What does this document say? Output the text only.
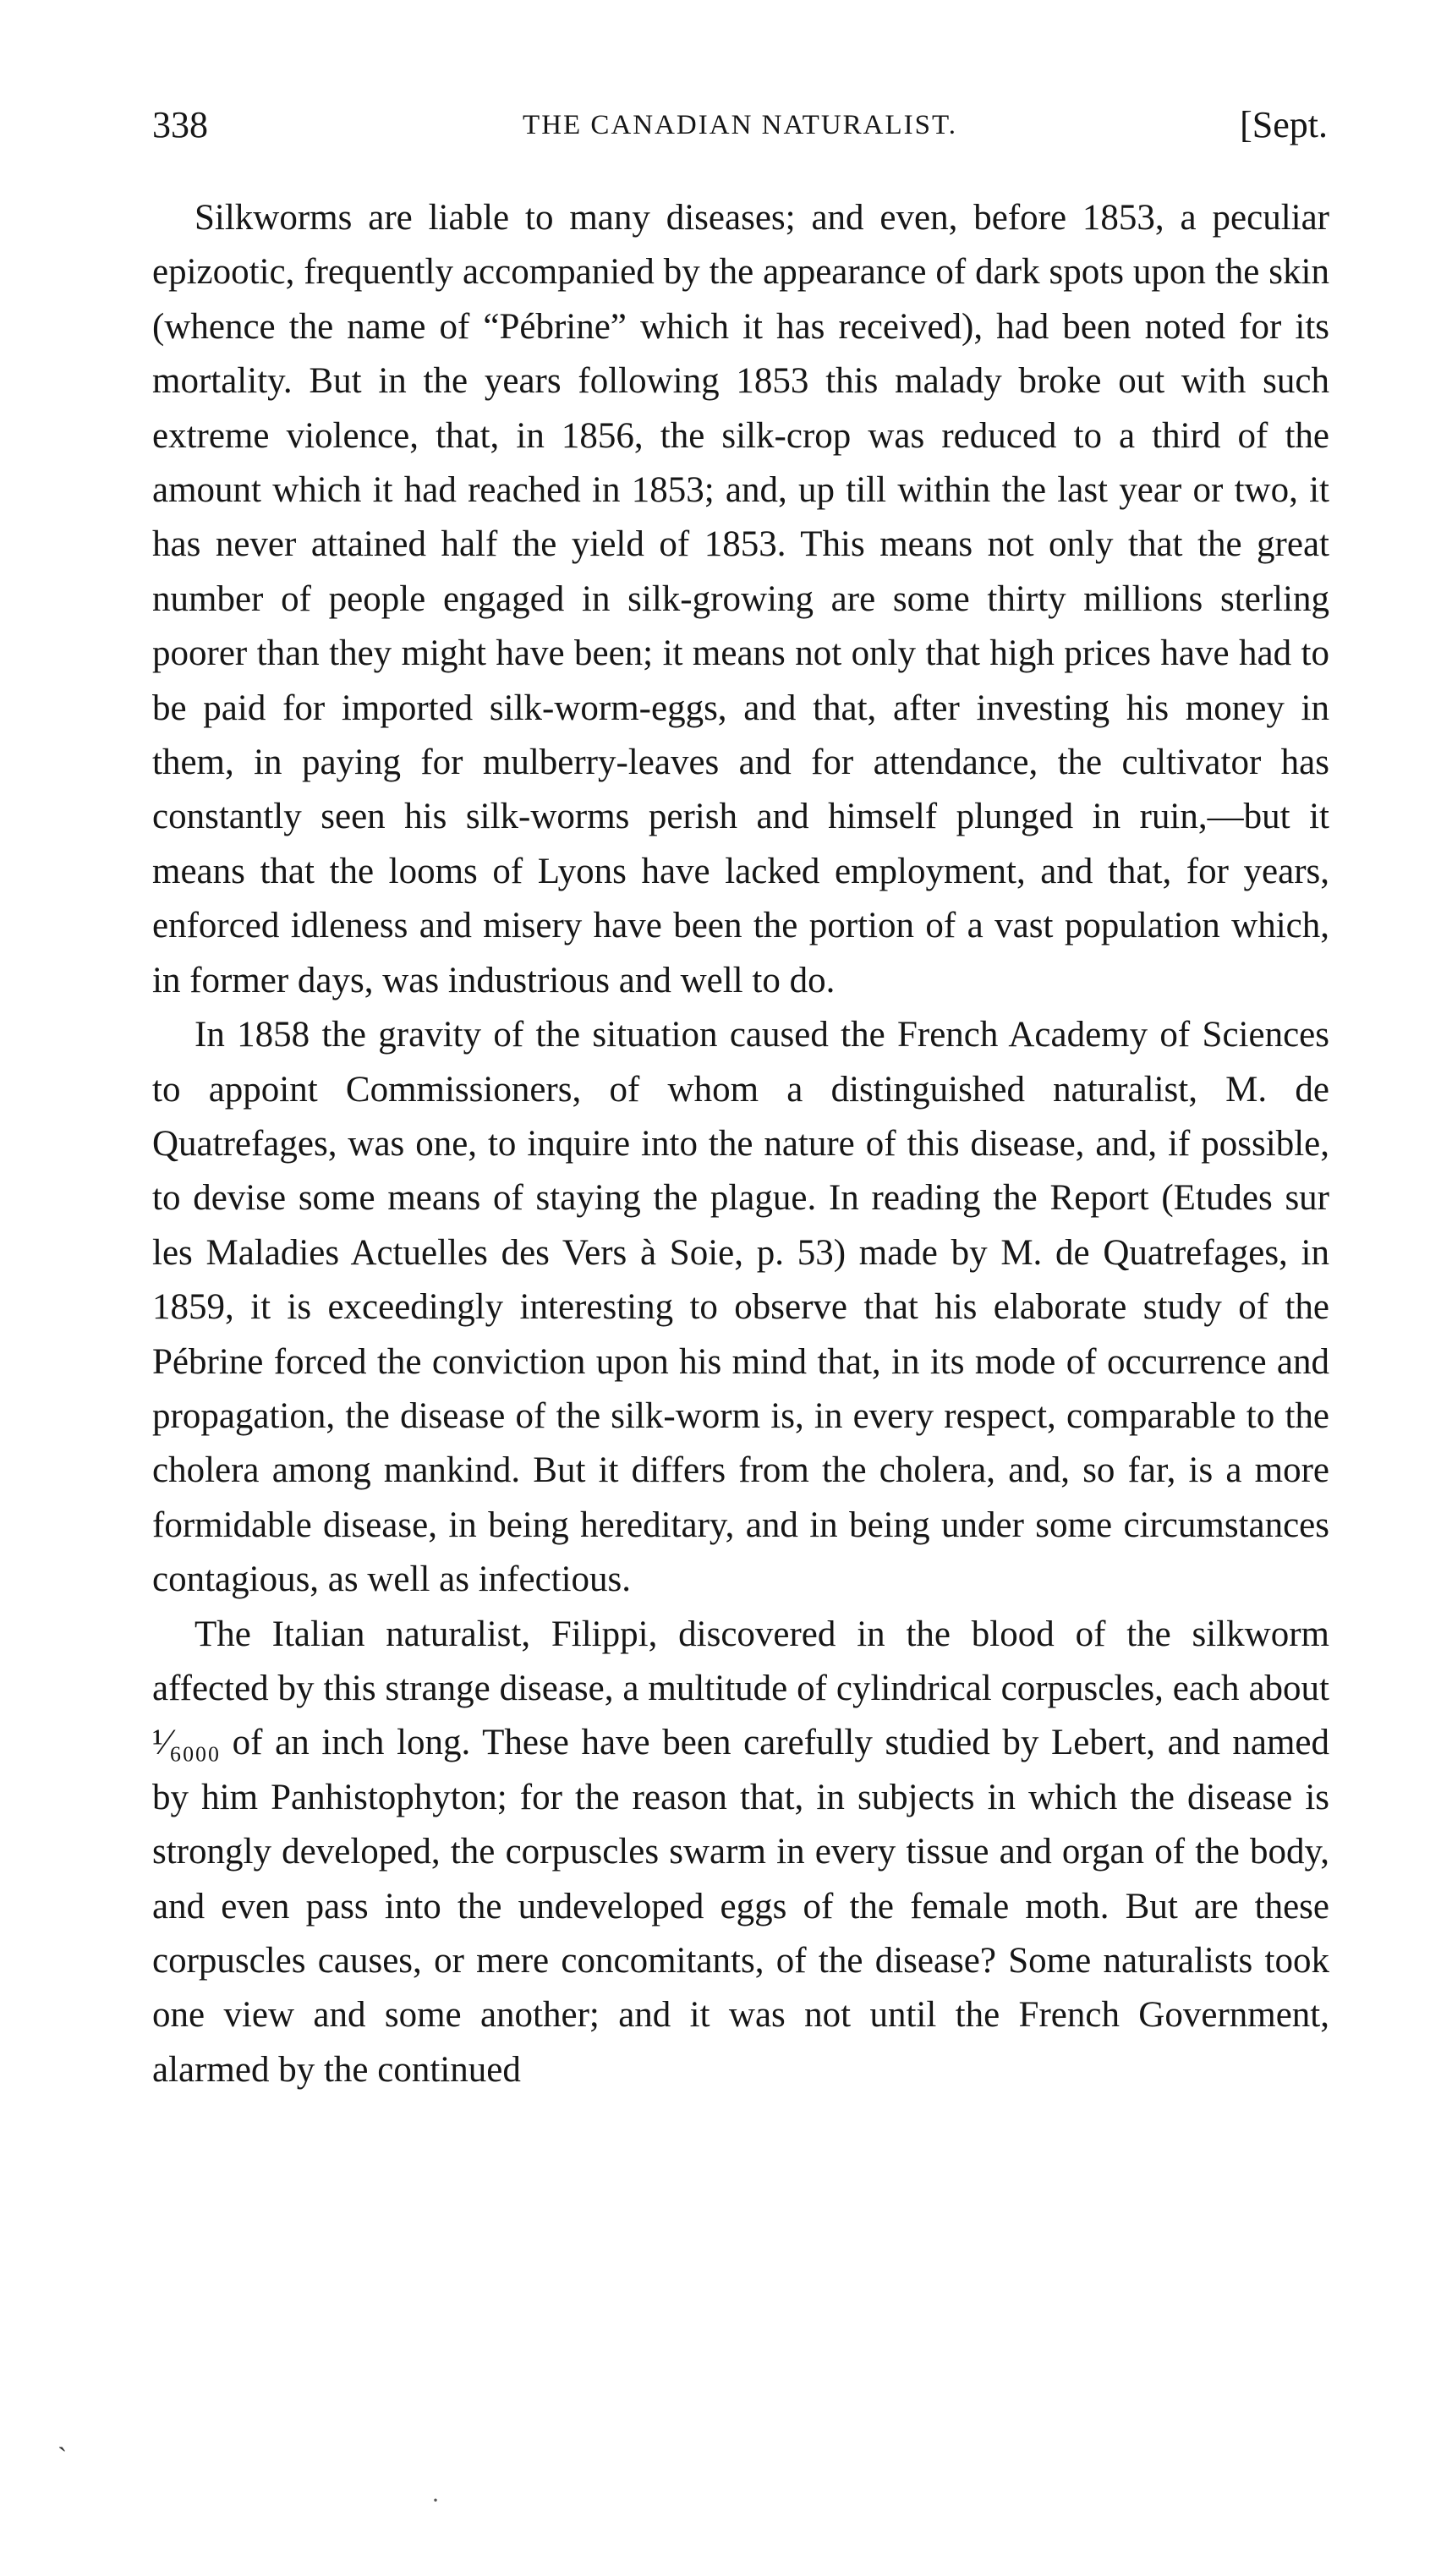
338	THE CANADIAN NATURALIST.	[Sept.

Silkworms are liable to many diseases; and even, before 1853, a peculiar epizootic, frequently accompanied by the appearance of dark spots upon the skin (whence the name of “Pébrine” which it has received), had been noted for its mortality. But in the years following 1853 this malady broke out with such extreme violence, that, in 1856, the silk-crop was reduced to a third of the amount which it had reached in 1853; and, up till within the last year or two, it has never attained half the yield of 1853. This means not only that the great number of people engaged in silk-growing are some thirty millions sterling poorer than they might have been; it means not only that high prices have had to be paid for imported silk-worm-eggs, and that, after investing his money in them, in paying for mulberry-leaves and for attendance, the cultivator has constantly seen his silk-worms perish and himself plunged in ruin,—but it means that the looms of Lyons have lacked employment, and that, for years, enforced idleness and misery have been the portion of a vast population which, in former days, was industrious and well to do.

In 1858 the gravity of the situation caused the French Academy of Sciences to appoint Commissioners, of whom a distinguished naturalist, M. de Quatrefages, was one, to inquire into the nature of this disease, and, if possible, to devise some means of staying the plague. In reading the Report (Etudes sur les Maladies Actuelles des Vers à Soie, p. 53) made by M. de Quatrefages, in 1859, it is exceedingly interesting to observe that his elaborate study of the Pébrine forced the conviction upon his mind that, in its mode of occurrence and propagation, the disease of the silk-worm is, in every respect, comparable to the cholera among mankind. But it differs from the cholera, and, so far, is a more formidable disease, in being hereditary, and in being under some circumstances contagious, as well as infectious.

The Italian naturalist, Filippi, discovered in the blood of the silkworm affected by this strange disease, a multitude of cylindrical corpuscles, each about ¹⁄₆₀₀₀ of an inch long. These have been carefully studied by Lebert, and named by him Panhistophyton; for the reason that, in subjects in which the disease is strongly developed, the corpuscles swarm in every tissue and organ of the body, and even pass into the undeveloped eggs of the female moth. But are these corpuscles causes, or mere concomitants, of the disease? Some naturalists took one view and some another; and it was not until the French Government, alarmed by the continued

ˏ
·
